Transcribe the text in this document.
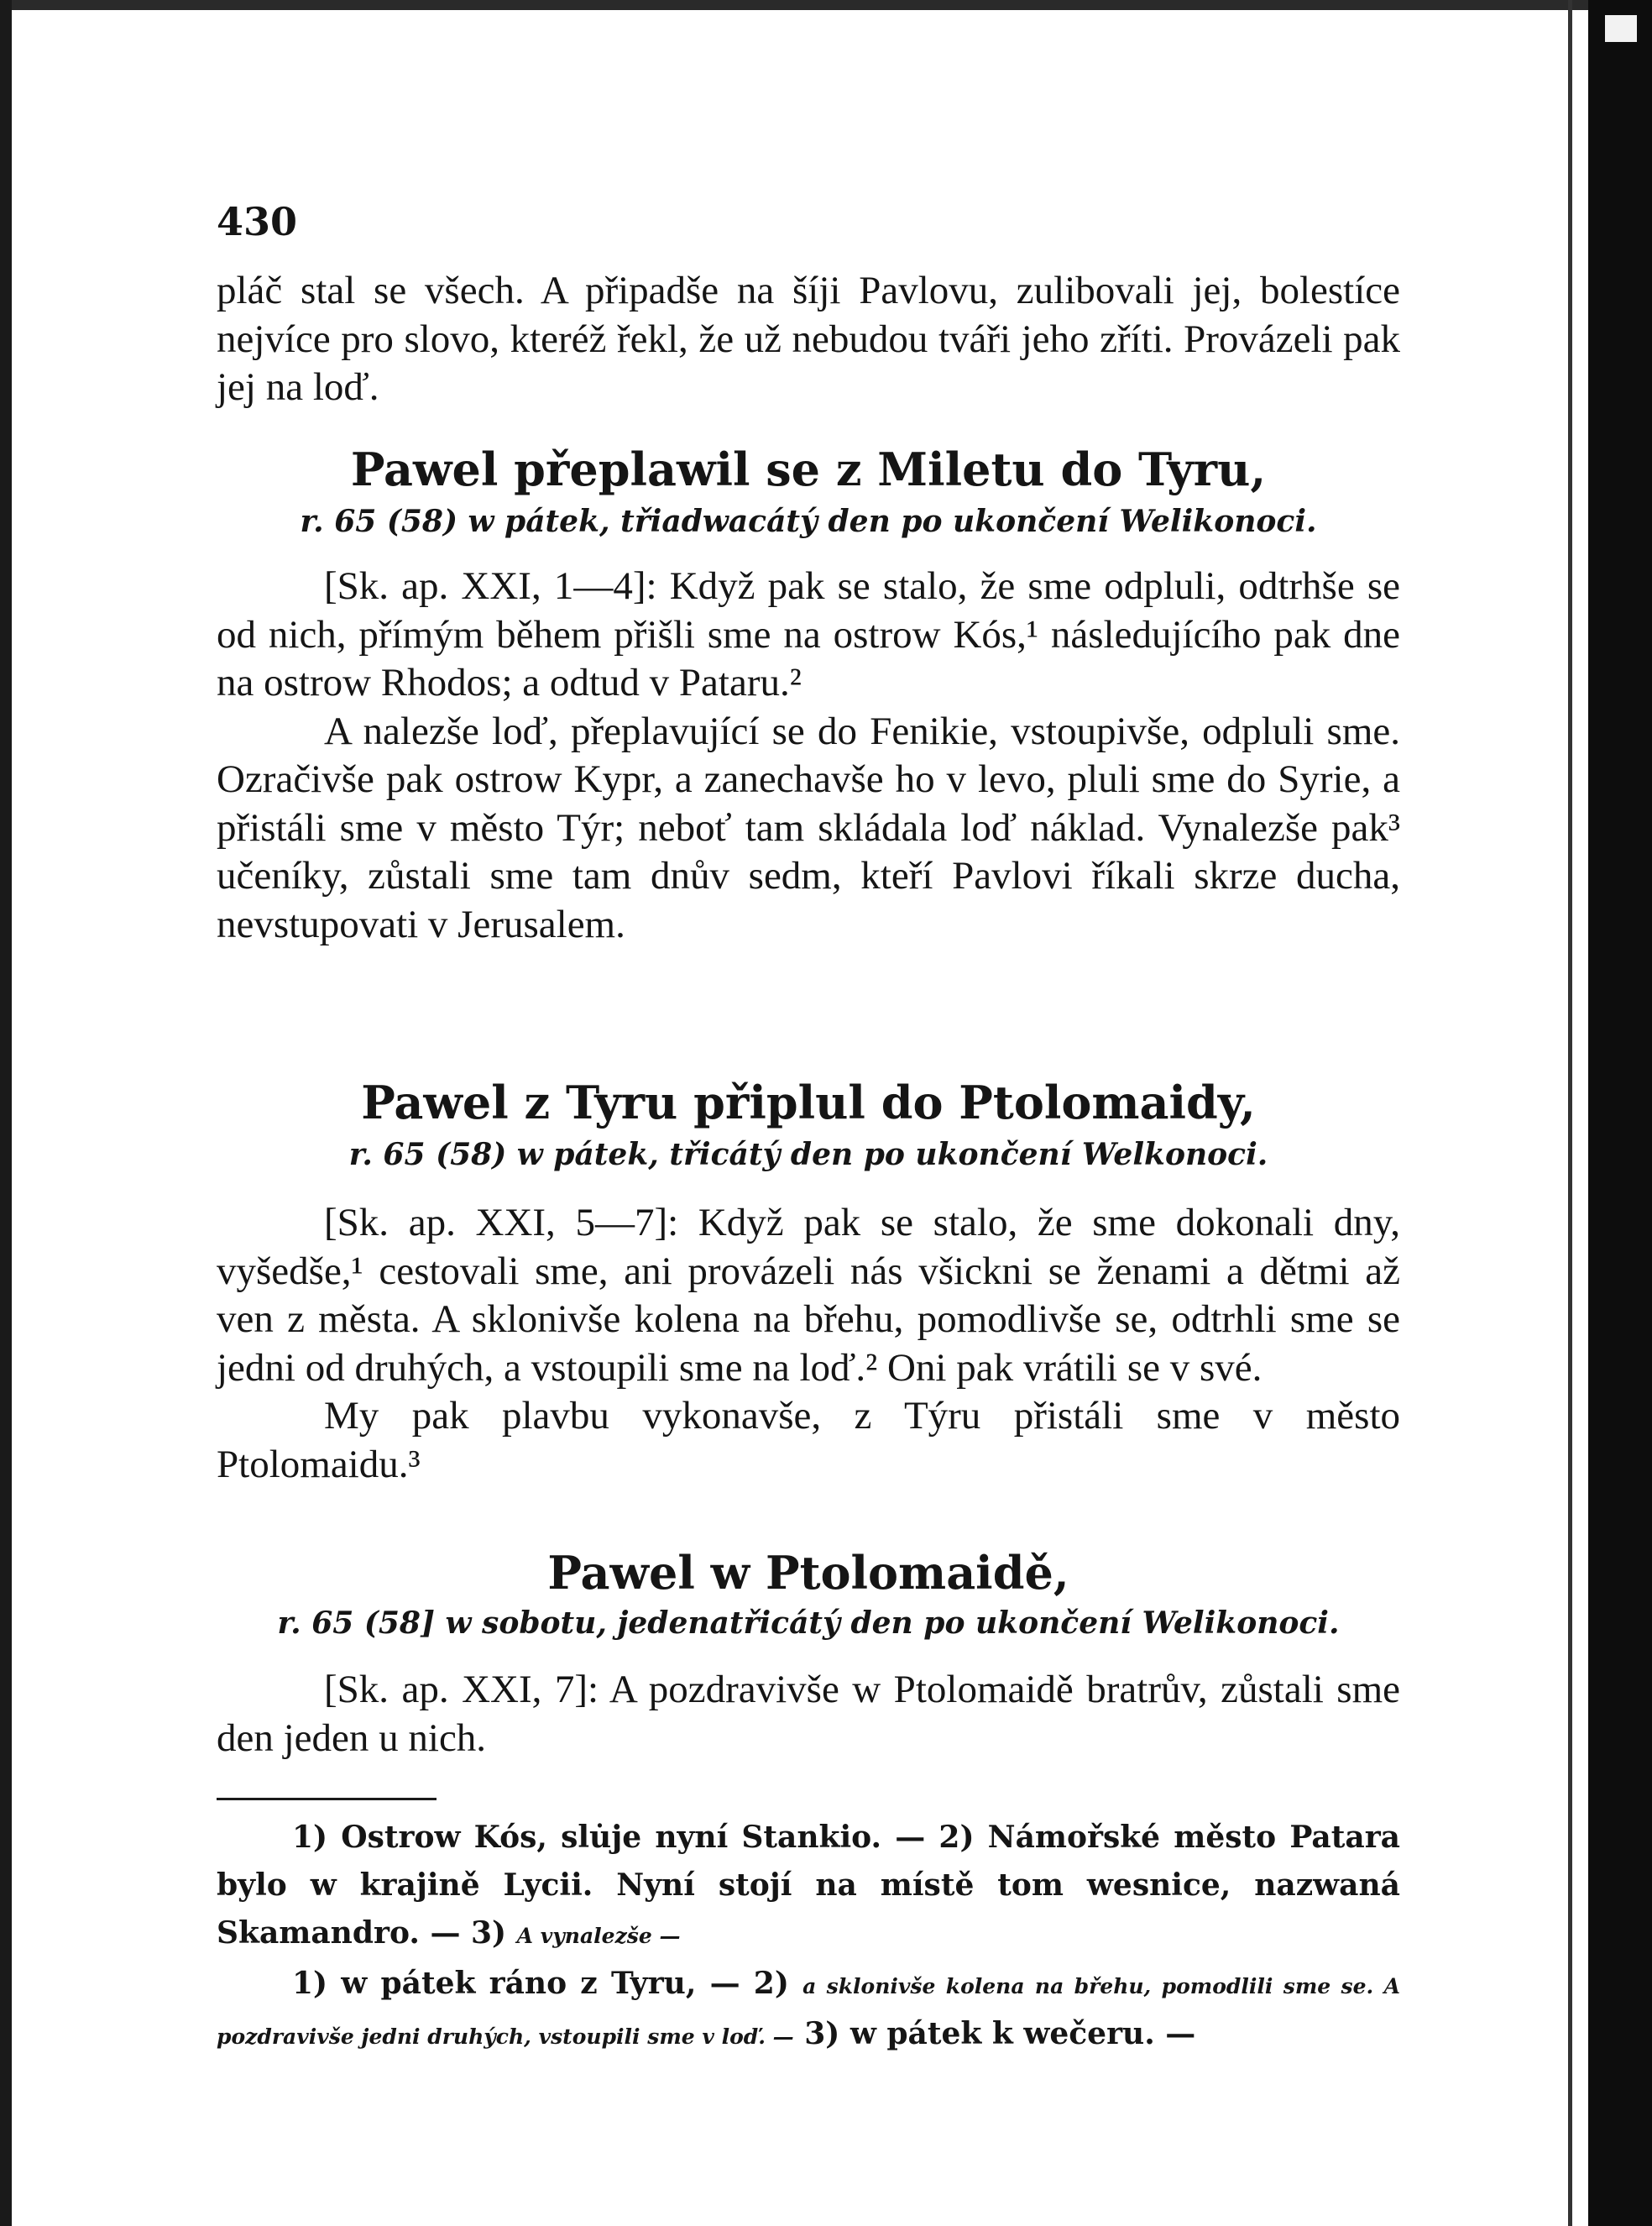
430

pláč stal se všech. A připadše na šíji Pavlovu, zulibovali jej, bolestíce nejvíce pro slovo, kteréž řekl, že už nebudou tváři jeho zříti. Provázeli pak jej na loď.

Pawel přeplawil se z Miletu do Tyru,
r. 65 (58) w pátek, třiadwacátý den po ukončení Welikonoci.

[Sk. ap. XXI, 1—4]: Když pak se stalo, že sme odpluli, odtrhše se od nich, přímým během přišli sme na ostrow Kós,¹ následujícího pak dne na ostrow Rhodos; a odtud v Pataru.²

A nalezše loď, přeplavující se do Fenikie, vstoupivše, odpluli sme. Ozračivše pak ostrow Kypr, a zanechavše ho v levo, pluli sme do Syrie, a přistáli sme v město Týr; neboť tam skládala loď náklad. Vynalezše pak³ učeníky, zůstali sme tam dnův sedm, kteří Pavlovi říkali skrze ducha, nevstupovati v Jerusalem.

Pawel z Tyru připlul do Ptolomaidy,
r. 65 (58) w pátek, třicátý den po ukončení Welkonoci.

[Sk. ap. XXI, 5—7]: Když pak se stalo, že sme dokonali dny, vyšedše,¹ cestovali sme, ani provázeli nás všickni se ženami a dětmi až ven z města. A sklonivše kolena na břehu, pomodlivše se, odtrhli sme se jedni od druhých, a vstoupili sme na loď.² Oni pak vrátili se v své.

My pak plavbu vykonavše, z Týru přistáli sme v město Ptolomaidu.³

Pawel w Ptolomaidě,
r. 65 (58] w sobotu, jedenatřicátý den po ukončení Welikonoci.

[Sk. ap. XXI, 7]: A pozdravivše w Ptolomaidě bratrův, zůstali sme den jeden u nich.

1) Ostrow Kós, slu̇je nyní Stankio. — 2) Námořské město Patara bylo w krajině Lycii. Nyní stojí na místě tom wesnice, nazwaná Skamandro. — 3) A vynalezše —

1) w pátek ráno z Tyru, — 2) a sklonivše kolena na břehu, pomodlili sme se. A pozdravivše jedni druhých, vstoupili sme v loď. — 3) w pátek k wečeru. —
